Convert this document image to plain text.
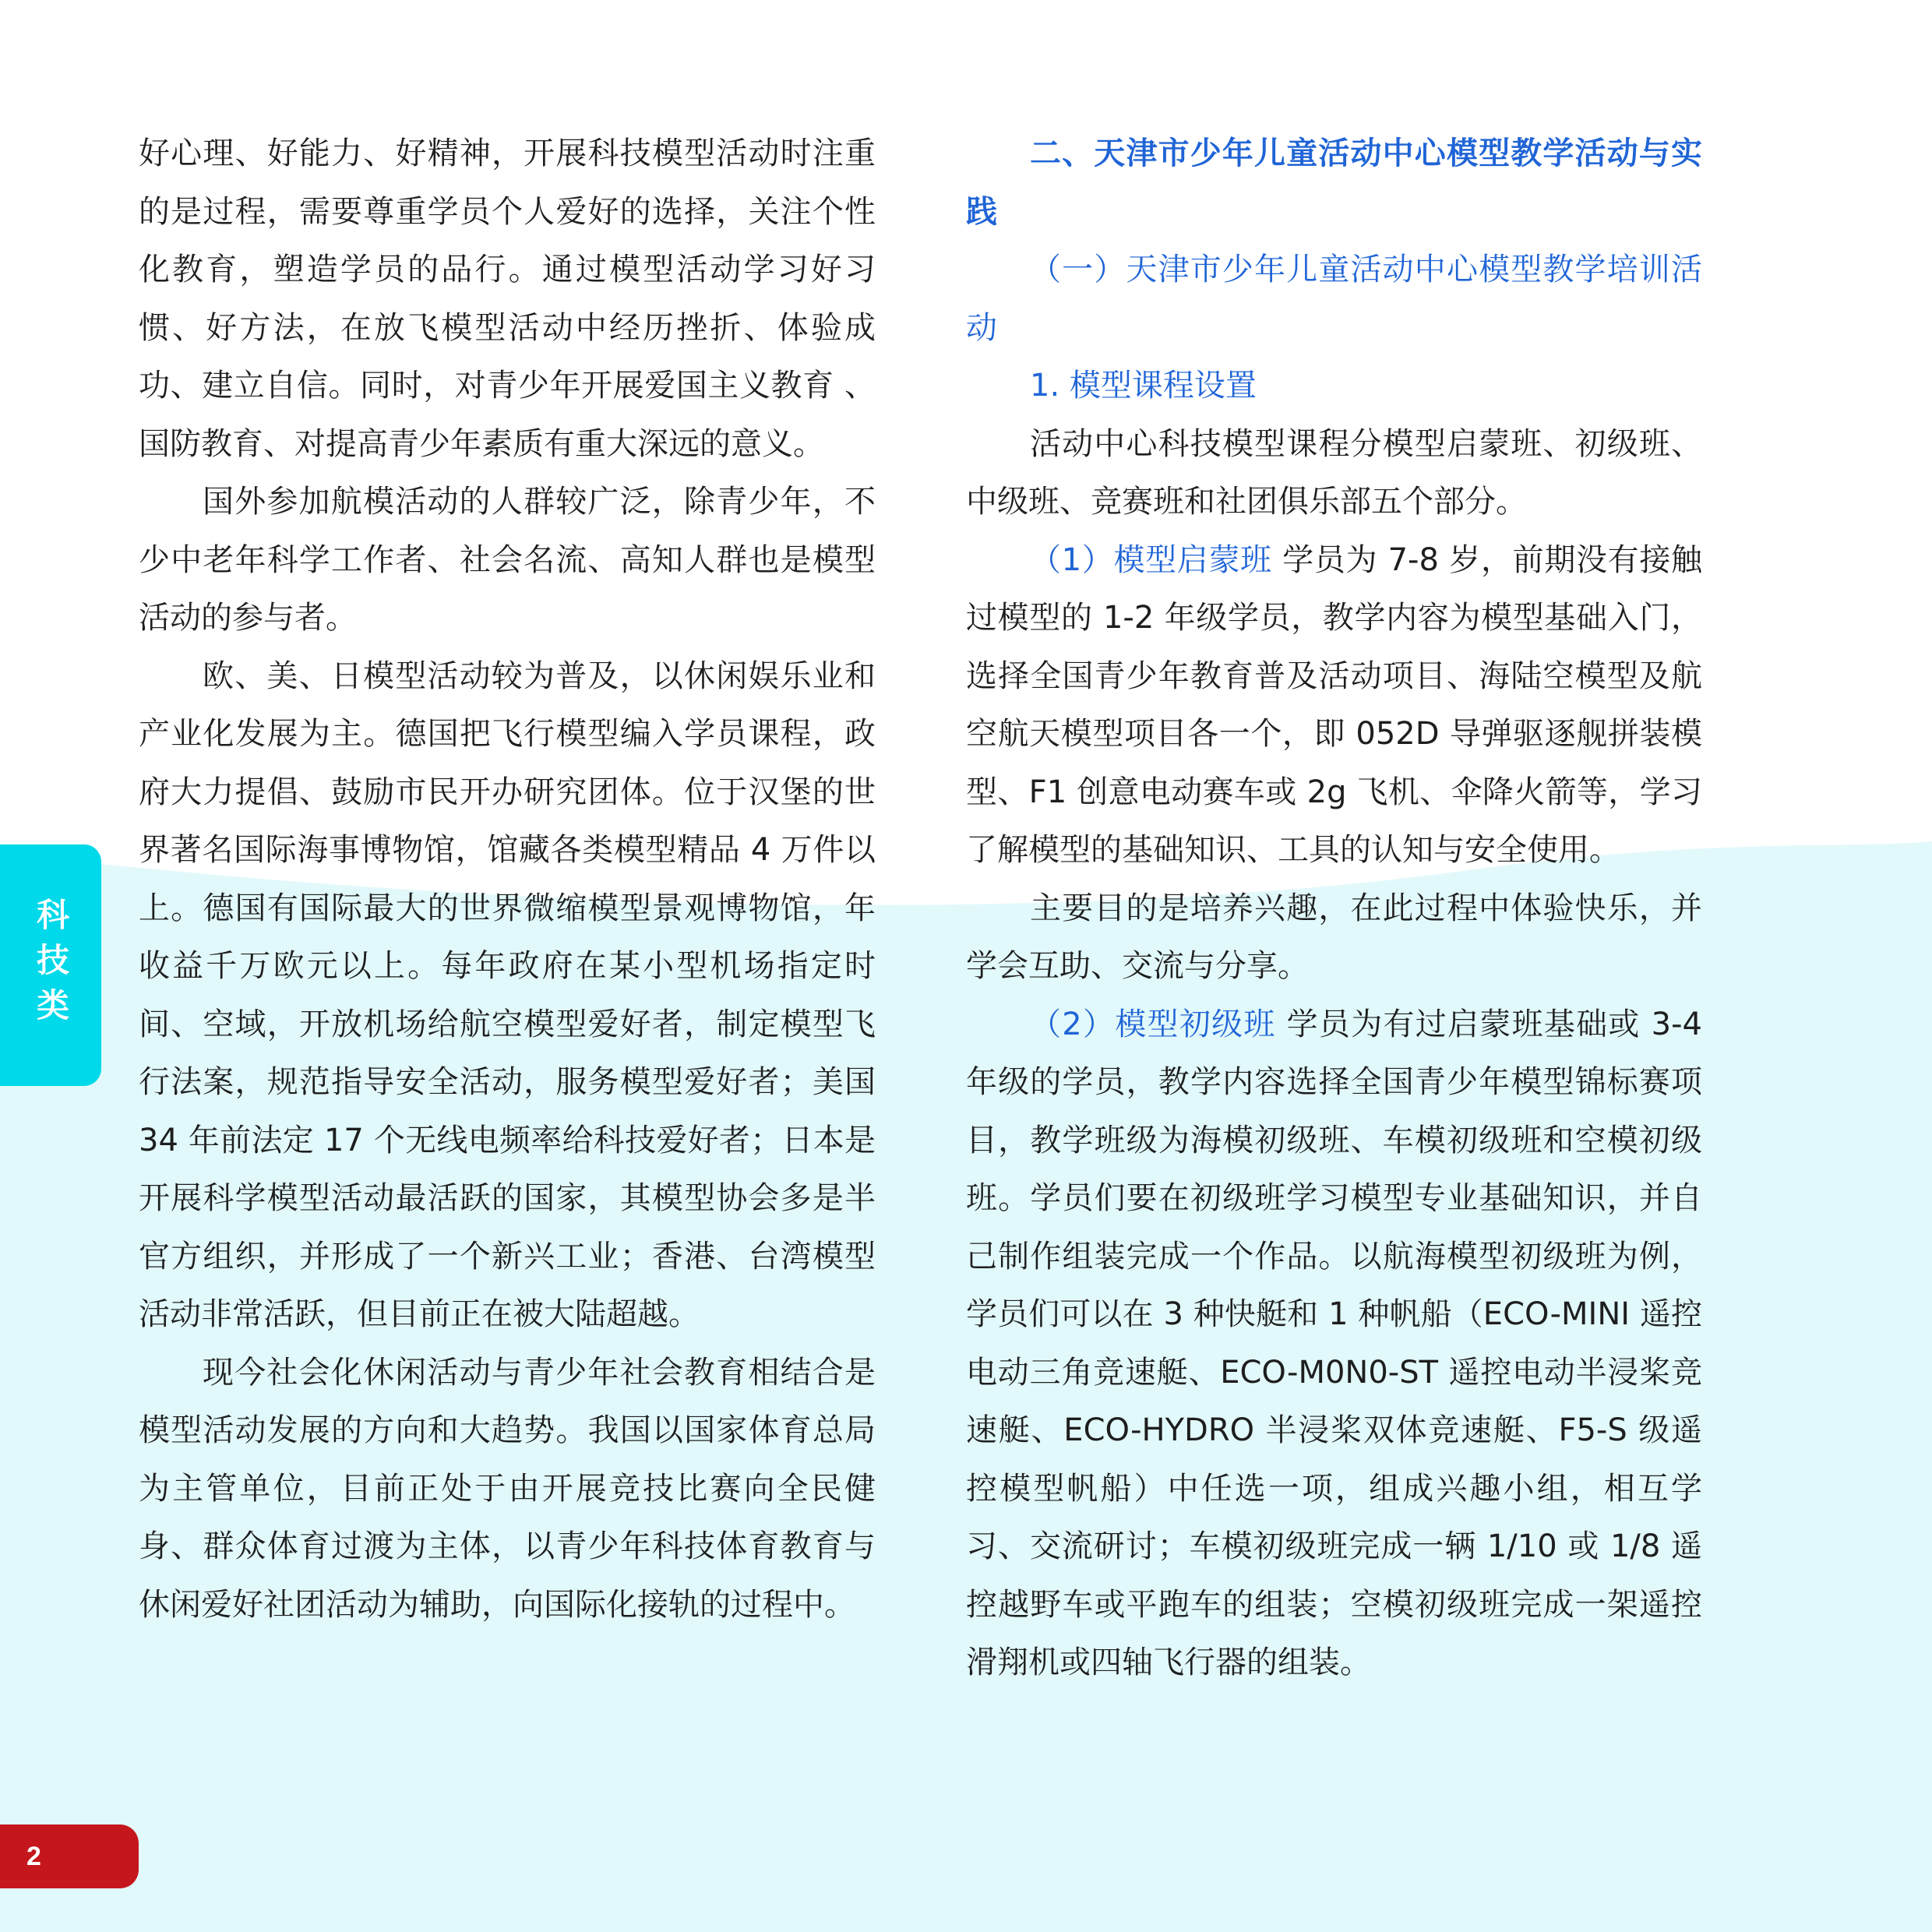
科技类

好心理、好能力、好精神，开展科技模型活动时注重的是过程，需要尊重学员个人爱好的选择，关注个性化教育，塑造学员的品行。通过模型活动学习好习惯、好方法，在放飞模型活动中经历挫折、体验成功、建立自信。同时，对青少年开展爱国主义教育 、国防教育、对提高青少年素质有重大深远的意义。

国外参加航模活动的人群较广泛，除青少年，不少中老年科学工作者、社会名流、高知人群也是模型活动的参与者。

欧、美、日模型活动较为普及，以休闲娱乐业和产业化发展为主。德国把飞行模型编入学员课程，政府大力提倡、鼓励市民开办研究团体。位于汉堡的世界著名国际海事博物馆，馆藏各类模型精品 4 万件以上。德国有国际最大的世界微缩模型景观博物馆，年收益千万欧元以上。每年政府在某小型机场指定时间、空域，开放机场给航空模型爱好者，制定模型飞行法案，规范指导安全活动，服务模型爱好者；美国 34 年前法定 17 个无线电频率给科技爱好者；日本是开展科学模型活动最活跃的国家，其模型协会多是半官方组织，并形成了一个新兴工业；香港、台湾模型活动非常活跃，但目前正在被大陆超越。

现今社会化休闲活动与青少年社会教育相结合是模型活动发展的方向和大趋势。我国以国家体育总局为主管单位，目前正处于由开展竞技比赛向全民健身、群众体育过渡为主体，以青少年科技体育教育与休闲爱好社团活动为辅助，向国际化接轨的过程中。

二、天津市少年儿童活动中心模型教学活动与实践

（一）天津市少年儿童活动中心模型教学培训活动

1. 模型课程设置

活动中心科技模型课程分模型启蒙班、初级班、中级班、竞赛班和社团俱乐部五个部分。

（1）模型启蒙班 学员为 7-8 岁，前期没有接触过模型的 1-2 年级学员，教学内容为模型基础入门，选择全国青少年教育普及活动项目、海陆空模型及航空航天模型项目各一个，即 052D 导弹驱逐舰拼装模型、F1 创意电动赛车或 2g 飞机、伞降火箭等，学习了解模型的基础知识、工具的认知与安全使用。

主要目的是培养兴趣，在此过程中体验快乐，并学会互助、交流与分享。

（2）模型初级班 学员为有过启蒙班基础或 3-4 年级的学员，教学内容选择全国青少年模型锦标赛项目，教学班级为海模初级班、车模初级班和空模初级班。学员们要在初级班学习模型专业基础知识，并自己制作组装完成一个作品。以航海模型初级班为例，学员们可以在 3 种快艇和 1 种帆船（ECO-MINI 遥控电动三角竞速艇、ECO-M0N0-ST 遥控电动半浸桨竞速艇、ECO-HYDRO 半浸桨双体竞速艇、F5-S 级遥控模型帆船）中任选一项，组成兴趣小组，相互学习、交流研讨；车模初级班完成一辆 1/10 或 1/8 遥控越野车或平跑车的组装；空模初级班完成一架遥控滑翔机或四轴飞行器的组装。

2
